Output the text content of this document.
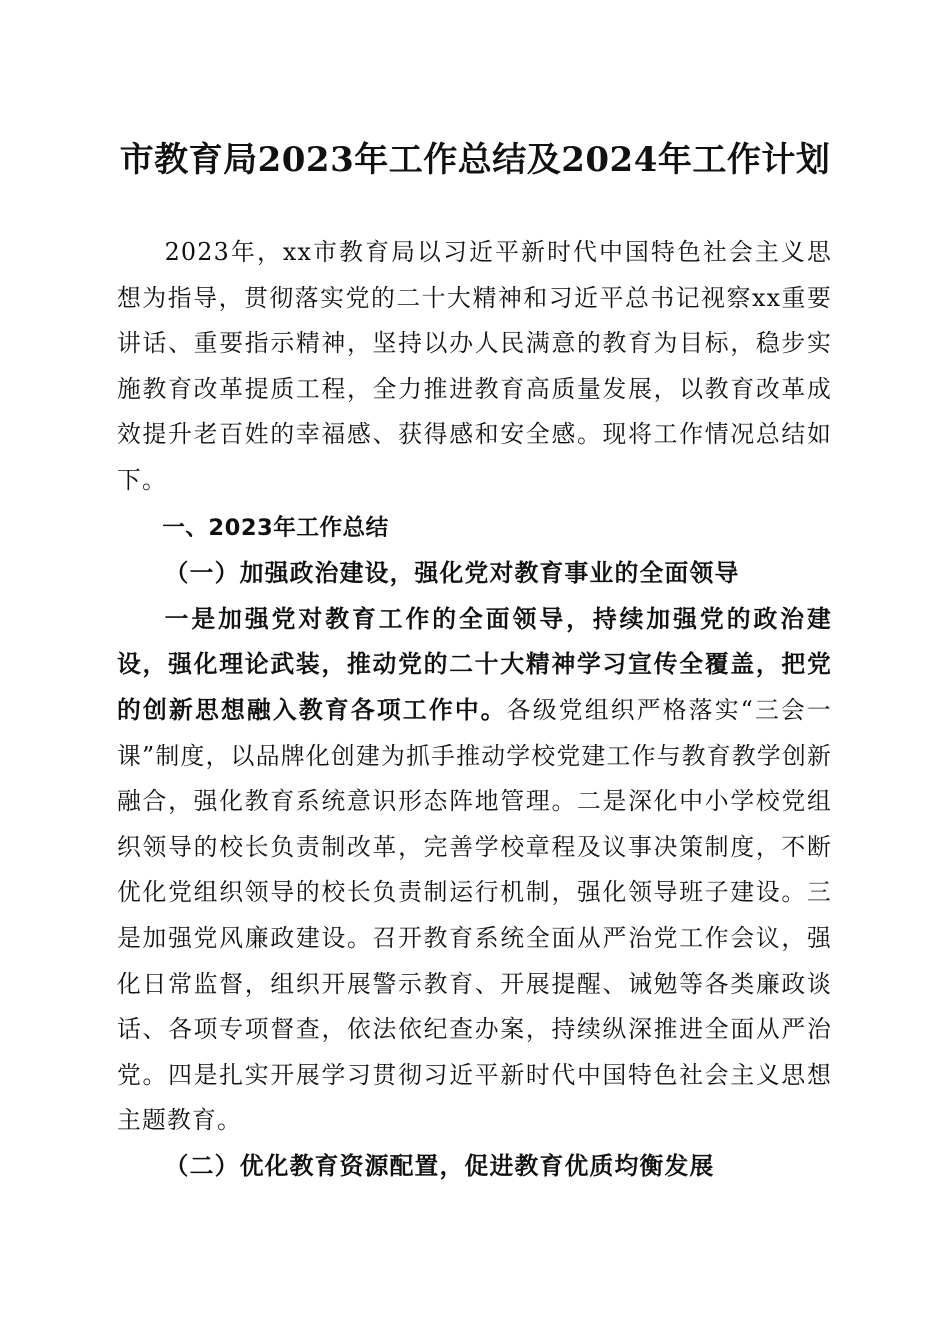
市教育局2023年工作总结及2024年工作计划

2023年，xx市教育局以习近平新时代中国特色社会主义思想为指导，贯彻落实党的二十大精神和习近平总书记视察xx重要讲话、重要指示精神，坚持以办人民满意的教育为目标，稳步实施教育改革提质工程，全力推进教育高质量发展，以教育改革成效提升老百姓的幸福感、获得感和安全感。现将工作情况总结如下。

一、2023年工作总结

（一）加强政治建设，强化党对教育事业的全面领导

一是加强党对教育工作的全面领导，持续加强党的政治建设，强化理论武装，推动党的二十大精神学习宣传全覆盖，把党的创新思想融入教育各项工作中。各级党组织严格落实“三会一课”制度，以品牌化创建为抓手推动学校党建工作与教育教学创新融合，强化教育系统意识形态阵地管理。二是深化中小学校党组织领导的校长负责制改革，完善学校章程及议事决策制度，不断优化党组织领导的校长负责制运行机制，强化领导班子建设。三是加强党风廉政建设。召开教育系统全面从严治党工作会议，强化日常监督，组织开展警示教育、开展提醒、诫勉等各类廉政谈话、各项专项督查，依法依纪查办案，持续纵深推进全面从严治党。四是扎实开展学习贯彻习近平新时代中国特色社会主义思想主题教育。

（二）优化教育资源配置，促进教育优质均衡发展
